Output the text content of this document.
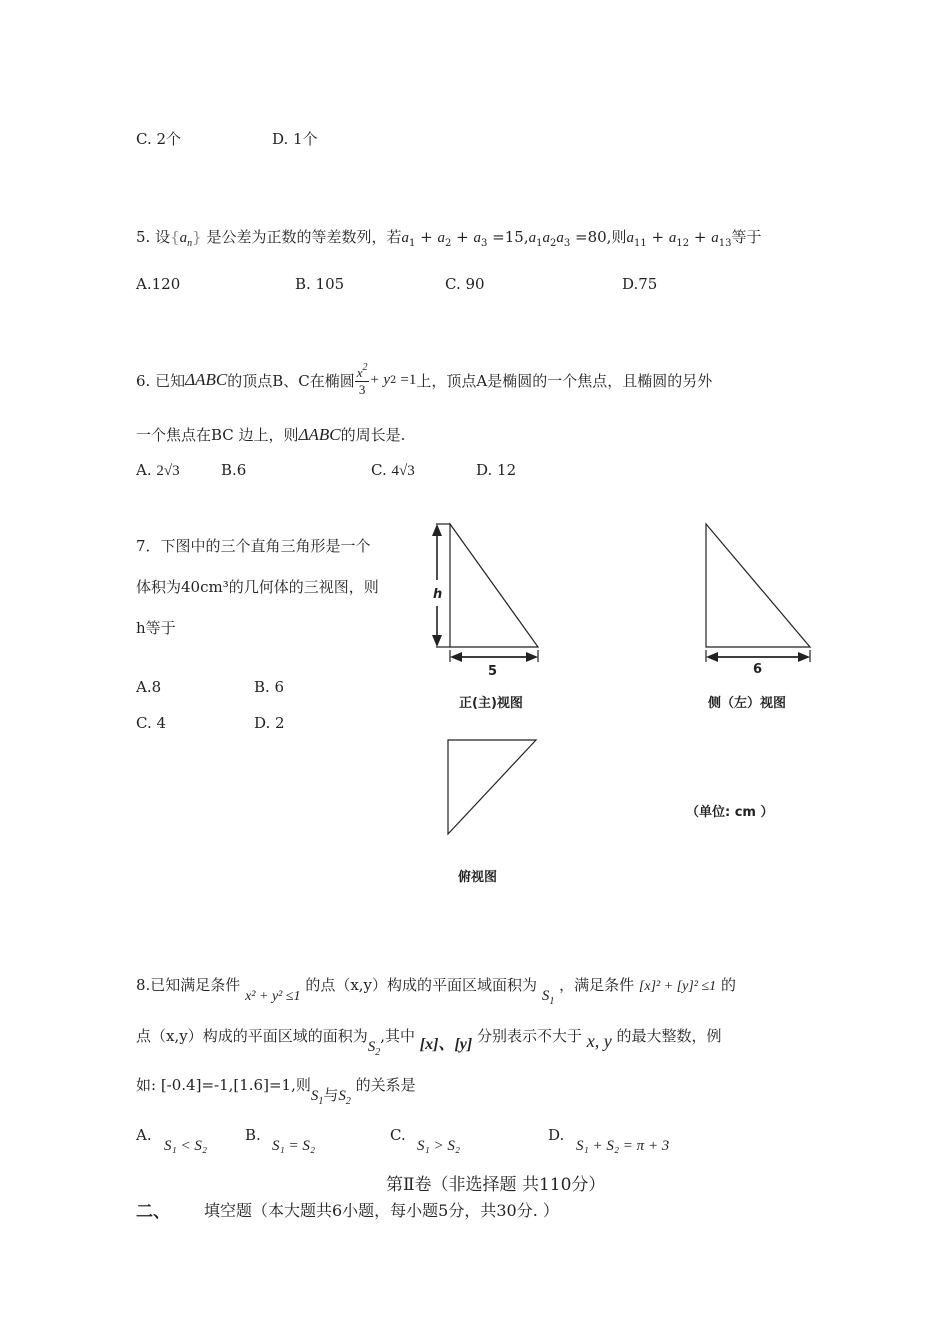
C. 2个	D. 1个
5. 设$\{a_n\}$ 是公差为正数的等差数列，若$a_1 + a_2 + a_3 =15,a_1a_2a_3 =80$,则$a_{11} + a_{12} + a_{13}$等于
A.120	B. 105	C. 90	D.75
6. 已知 ΔABC 的顶点B、C在椭圆 $\frac{x^2}{3} + y$ 2 =1 上，顶点A是椭圆的一个焦点，且椭圆的另外
一个焦点在BC 边上，则ΔABC的周长是.
A. 2√3	B.6	C. 4√3	D. 12
7．下图中的三个直角三角形是一个
体积为40cm³的几何体的三视图，则
h等于
A.8	B. 6
C. 4	D. 2
h
5	6
正(主)视图	侧（左）视图
（单位: cm ）
俯视图
8.已知满足条件 x² + y² ≤1 的点（x,y）构成的平面区域面积为 $S_1$ ，满足条件 [x]² + [y]² ≤1 的
点（x,y）构成的平面区域的面积为$S_2$,其中 [x]、[y] 分别表示不大于 x, y 的最大整数，例
如: [-0.4]=-1,[1.6]=1,则$S_1$与$S_2$ 的关系是
A.
S₁ < S₂
B.
S₁ = S₂
C.
S₁ > S₂
D.
S₁ + S₂ = π + 3
第Ⅱ卷（非选择题 共110分）
二、 填空题（本大题共6小题，每小题5分，共30分. ）
